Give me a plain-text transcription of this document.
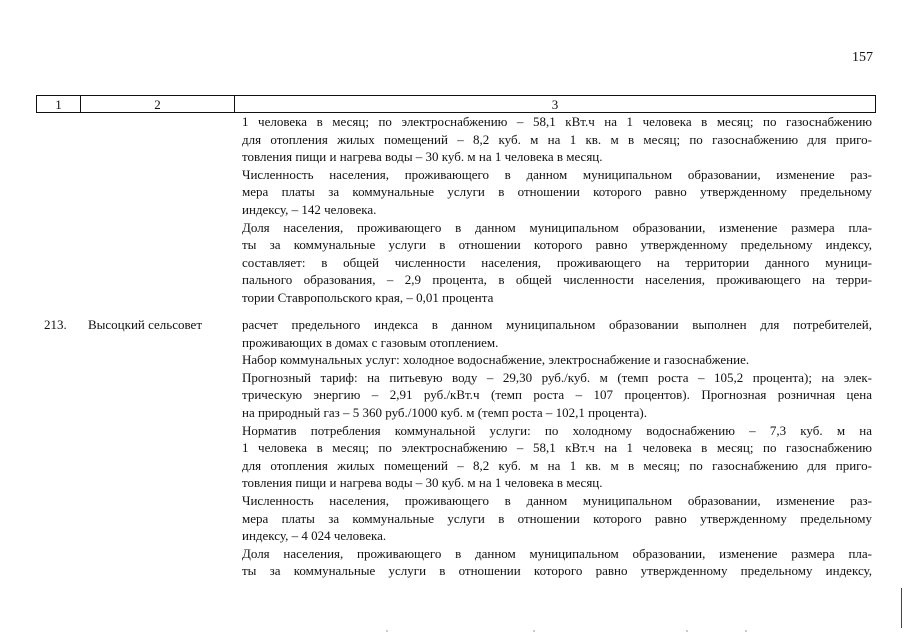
157
1	2	3
1 человека в месяц; по электроснабжению – 58,1 кВт.ч на 1 человека в месяц; по газоснабжению
для отопления жилых помещений – 8,2 куб. м на 1 кв. м в месяц; по газоснабжению для приго-
товления пищи и нагрева воды – 30 куб. м на 1 человека в месяц.
Численность населения, проживающего в данном муниципальном образовании, изменение раз-
мера платы за коммунальные услуги в отношении которого равно утвержденному предельному
индексу, – 142 человека.
Доля населения, проживающего в данном муниципальном образовании, изменение размера пла-
ты за коммунальные услуги в отношении которого равно утвержденному предельному индексу,
составляет: в общей численности населения, проживающего на территории данного муници-
пального образования, – 2,9 процента, в общей численности населения, проживающего на терри-
тории Ставропольского края, – 0,01 процента
213. Высоцкий сельсовет	расчет предельного индекса в данном муниципальном образовании выполнен для потребителей,
проживающих в домах с газовым отоплением.
Набор коммунальных услуг: холодное водоснабжение, электроснабжение и газоснабжение.
Прогнозный тариф: на питьевую воду – 29,30 руб./куб. м (темп роста – 105,2 процента); на элек-
трическую энергию – 2,91 руб./кВт.ч (темп роста – 107 процентов). Прогнозная розничная цена
на природный газ – 5 360 руб./1000 куб. м (темп роста – 102,1 процента).
Норматив потребления коммунальной услуги: по холодному водоснабжению – 7,3 куб. м на
1 человека в месяц; по электроснабжению – 58,1 кВт.ч на 1 человека в месяц; по газоснабжению
для отопления жилых помещений – 8,2 куб. м на 1 кв. м в месяц; по газоснабжению для приго-
товления пищи и нагрева воды – 30 куб. м на 1 человека в месяц.
Численность населения, проживающего в данном муниципальном образовании, изменение раз-
мера платы за коммунальные услуги в отношении которого равно утвержденному предельному
индексу, – 4 024 человека.
Доля населения, проживающего в данном муниципальном образовании, изменение размера пла-
ты за коммунальные услуги в отношении которого равно утвержденному предельному индексу,
